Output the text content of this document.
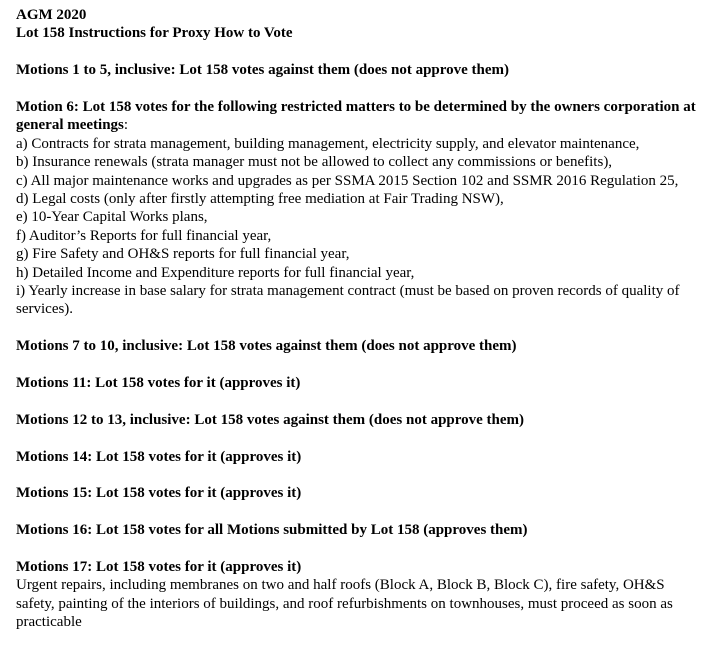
AGM 2020

Lot 158 Instructions for Proxy How to Vote

Motions 1 to 5, inclusive: Lot 158 votes against them (does not approve them)

Motion 6: Lot 158 votes for the following restricted matters to be determined by the owners corporation at general meetings:

a) Contracts for strata management, building management, electricity supply, and elevator maintenance,
b) Insurance renewals (strata manager must not be allowed to collect any commissions or benefits),
c) All major maintenance works and upgrades as per SSMA 2015 Section 102 and SSMR 2016 Regulation 25,
d) Legal costs (only after firstly attempting free mediation at Fair Trading NSW),
e) 10-Year Capital Works plans,
f) Auditor’s Reports for full financial year,
g) Fire Safety and OH&S reports for full financial year,
h) Detailed Income and Expenditure reports for full financial year,
i) Yearly increase in base salary for strata management contract (must be based on proven records of quality of services).

Motions 7 to 10, inclusive: Lot 158 votes against them (does not approve them)

Motions 11: Lot 158 votes for it (approves it)

Motions 12 to 13, inclusive: Lot 158 votes against them (does not approve them)

Motions 14: Lot 158 votes for it (approves it)

Motions 15: Lot 158 votes for it (approves it)

Motions 16: Lot 158 votes for all Motions submitted by Lot 158 (approves them)

Motions 17: Lot 158 votes for it (approves it)

Urgent repairs, including membranes on two and half roofs (Block A, Block B, Block C), fire safety, OH&S safety, painting of the interiors of buildings, and roof refurbishments on townhouses, must proceed as soon as practicable
